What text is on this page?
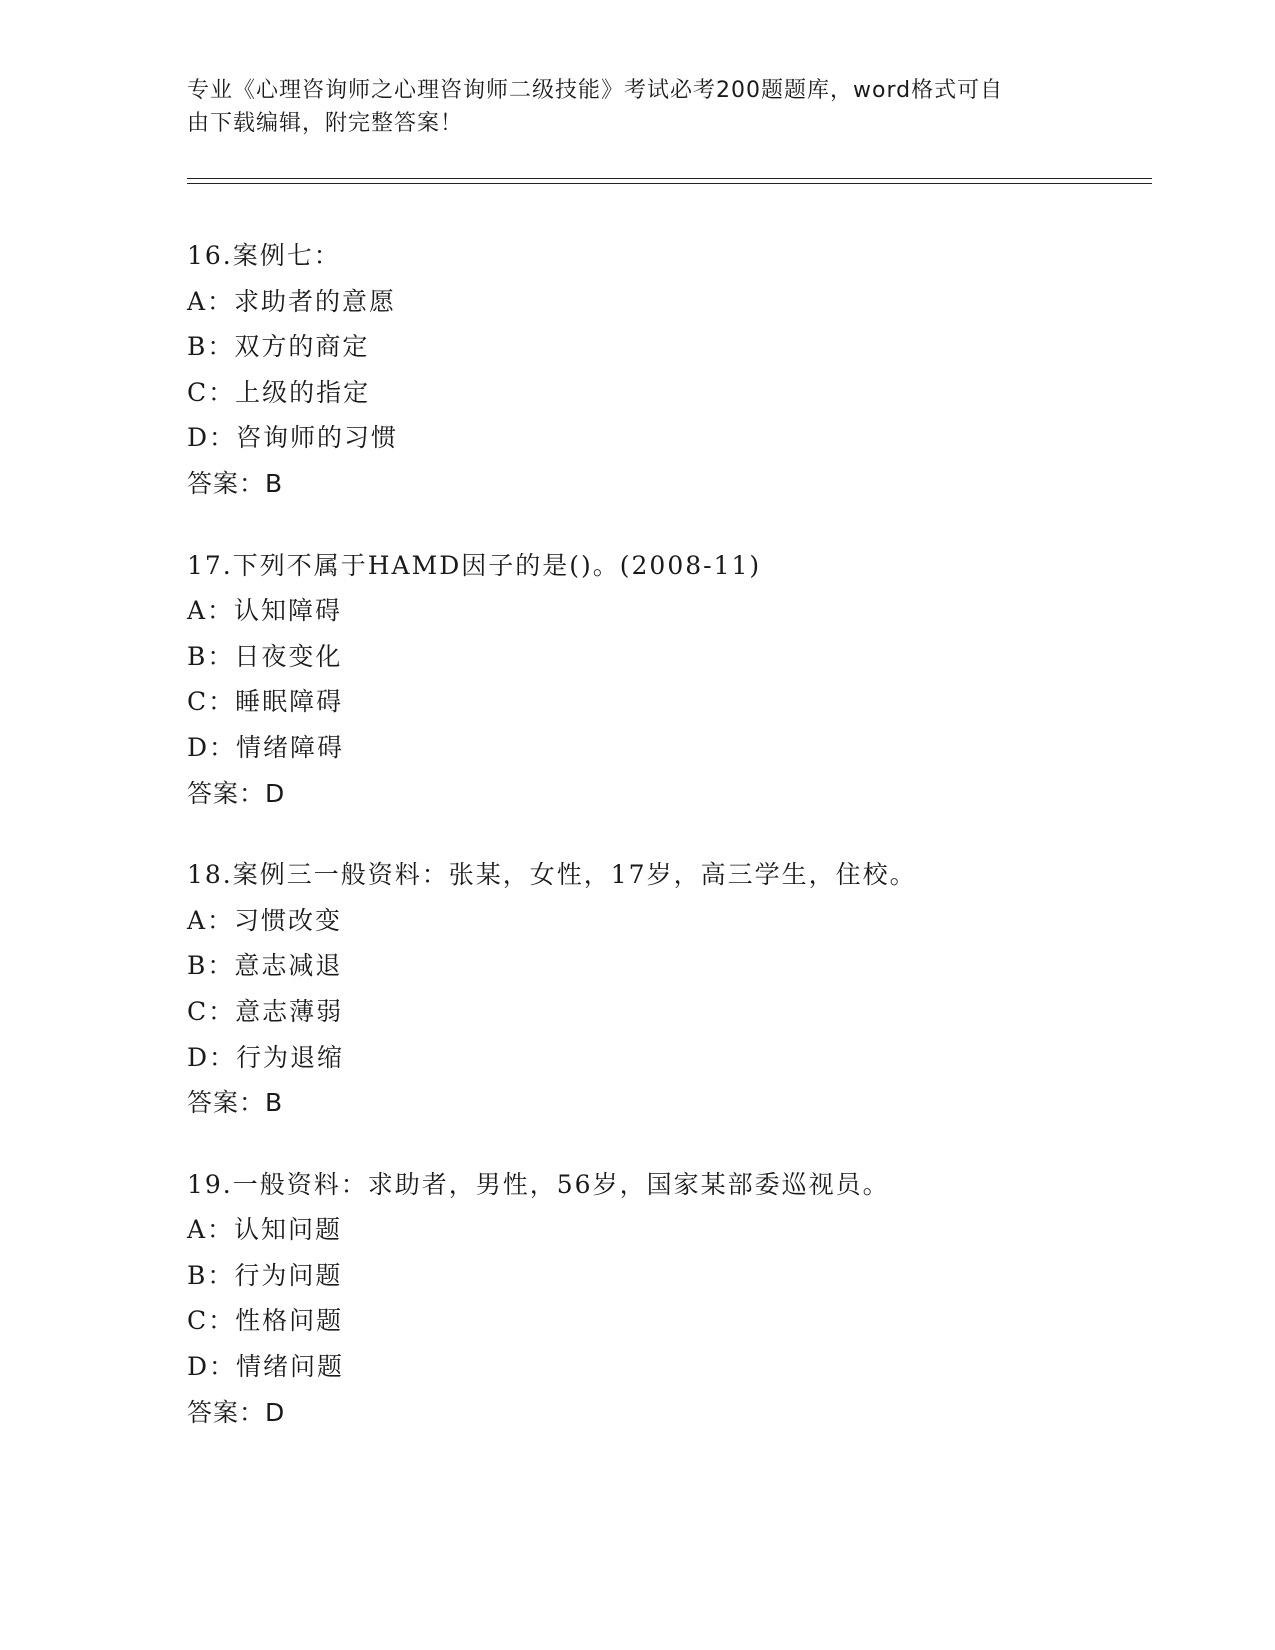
专业《心理咨询师之心理咨询师二级技能》考试必考200题题库，word格式可自
由下载编辑，附完整答案！
16.案例七：
A：求助者的意愿
B：双方的商定
C：上级的指定
D：咨询师的习惯
答案：B
17.下列不属于HAMD因子的是()。(2008-11)
A：认知障碍
B：日夜变化
C：睡眠障碍
D：情绪障碍
答案：D
18.案例三一般资料：张某，女性，17岁，高三学生，住校。
A：习惯改变
B：意志减退
C：意志薄弱
D：行为退缩
答案：B
19.一般资料：求助者，男性，56岁，国家某部委巡视员。
A：认知问题
B：行为问题
C：性格问题
D：情绪问题
答案：D
